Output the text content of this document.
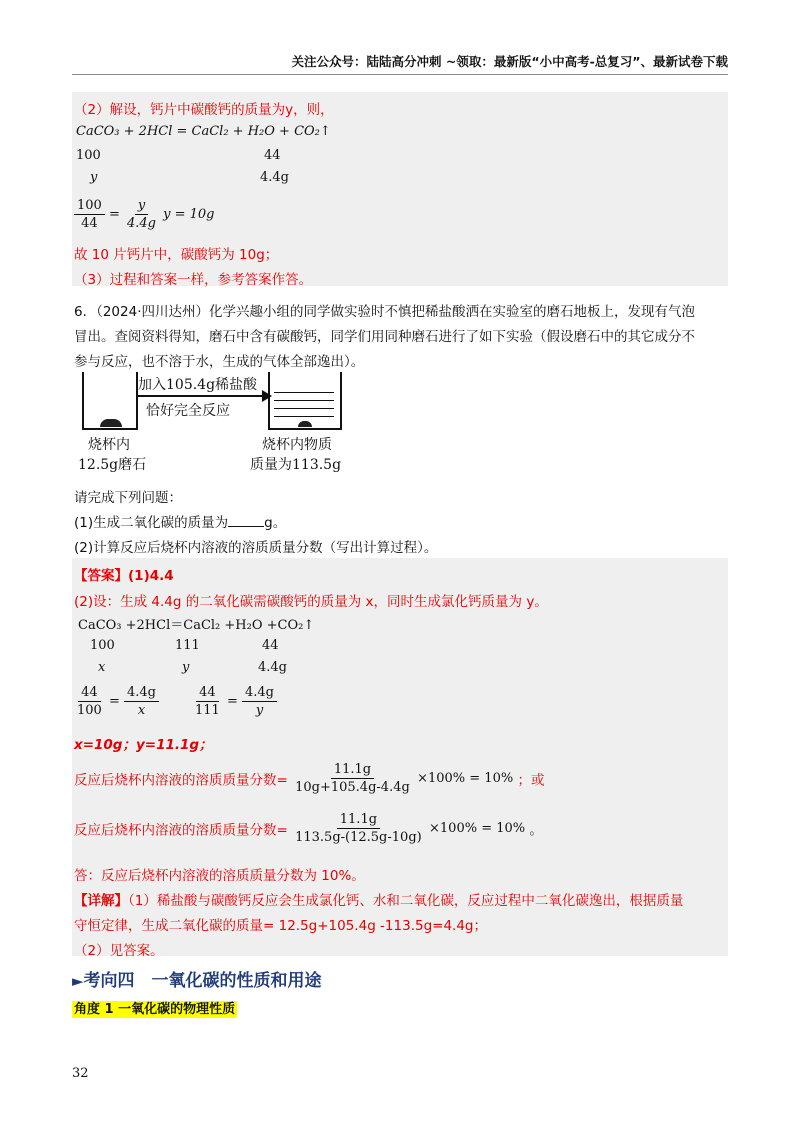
关注公众号：陆陆高分冲刺 ~领取：最新版“小中高考-总复习”、最新试卷下载
（2）解设，钙片中碳酸钙的质量为y，则，
CaCO₃ + 2HCl = CaCl₂ + H₂O + CO₂↑
100	44
y	4.4g
$\frac{100}{44} = \frac{y}{4.4g}$ y = 10g
故 10 片钙片中，碳酸钙为 10g；
（3）过程和答案一样，参考答案作答。
6．（2024·四川达州）化学兴趣小组的同学做实验时不慎把稀盐酸洒在实验室的磨石地板上，发现有气泡
冒出。查阅资料得知，磨石中含有碳酸钙，同学们用同种磨石进行了如下实验（假设磨石中的其它成分不
参与反应，也不溶于水，生成的气体全部逸出）。
加入105.4g稀盐酸
恰好完全反应
烧杯内
12.5g磨石
烧杯内物质
质量为113.5g
请完成下列问题：
(1)生成二氧化碳的质量为	g。
(2)计算反应后烧杯内溶液的溶质质量分数（写出计算过程）。
【答案】(1)4.4
(2)设：生成 4.4g 的二氧化碳需碳酸钙的质量为 x，同时生成氯化钙质量为 y。
CaCO₃ +2HCl＝CaCl₂ +H₂O +CO₂↑
100	111	44
x	y	4.4g
$\frac{44}{100} = \frac{4.4g}{x}$	$\frac{44}{111} = \frac{4.4g}{y}$
x=10g；y=11.1g；
反应后烧杯内溶液的溶质质量分数= $\frac{11.1g}{10g+105.4g-4.4g} \times 100\% = 10\%$ ；或
反应后烧杯内溶液的溶质质量分数= $\frac{11.1g}{113.5g-(12.5g-10g)} \times 100\% = 10\%$ 。
答：反应后烧杯内溶液的溶质质量分数为 10%。
【详解】（1）稀盐酸与碳酸钙反应会生成氯化钙、水和二氧化碳，反应过程中二氧化碳逸出，根据质量
守恒定律，生成二氧化碳的质量= 12.5g+105.4g -113.5g=4.4g；
（2）见答案。
►考向四　一氧化碳的性质和用途
角度 1 一氧化碳的物理性质
32
